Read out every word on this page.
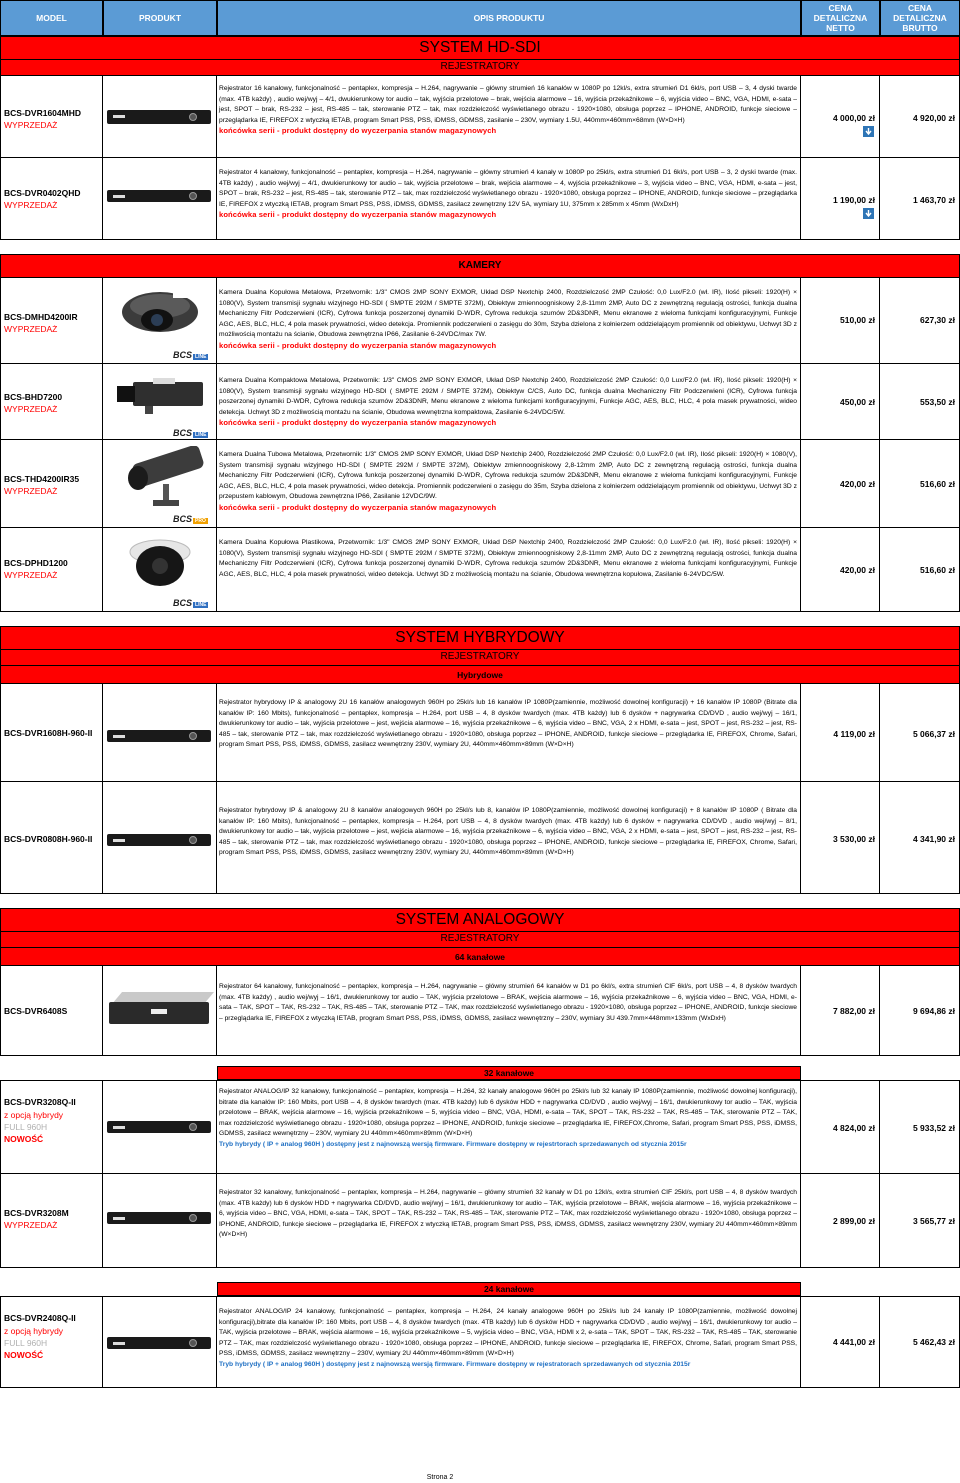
MODEL	PRODUKT	OPIS PRODUKTU
CENA DETALICZNA NETTO
CENA DETALICZNA BRUTTO
SYSTEM HD-SDI
REJESTRATORY
BCS-DVR1604MHD
WYPRZEDAŻ
Rejestrator 16 kanałowy, funkcjonalność – pentaplex, kompresja – H.264, nagrywanie – główny strumień 16 kanałów w 1080P po 12kl/s, extra strumień D1 6kl/s, port USB – 3, 4 dyski twarde (max. 4TB każdy) , audio wej/wyj – 4/1, dwukierunkowy tor audio – tak, wyjścia przelotowe – brak, wejścia alarmowe – 16, wyjścia przekaźnikowe – 6, wyjścia video – BNC, VGA, HDMI, e-sata – jest, SPOT – brak, RS-232 – jest, RS-485 – tak, sterowanie PTZ – tak, max rozdzielczość wyświetlanego obrazu - 1920×1080, obsługa poprzez – IPHONE, ANDROID, funkcje sieciowe – przeglądarka IE, FIREFOX z wtyczką IETAB, program Smart PSS, PSS, iDMSS, GDMSS, zasilanie – 230V, wymiary 1.5U, 440mm×460mm×68mm (W×D×H)
końcówka serii - produkt dostępny do wyczerpania stanów magazynowych
4 000,00 zł	4 920,00 zł
BCS-DVR0402QHD
WYPRZEDAŻ
Rejestrator 4 kanałowy, funkcjonalność – pentaplex, kompresja – H.264, nagrywanie – główny strumień 4 kanały w 1080P po 25kl/s, extra strumień D1 6kl/s, port USB – 3, 2 dyski twarde (max. 4TB każdy) , audio wej/wyj – 4/1, dwukierunkowy tor audio – tak, wyjścia przelotowe – brak, wejścia alarmowe – 4, wyjścia przekaźnikowe – 3, wyjścia video – BNC, VGA, HDMI, e-sata – jest, SPOT – brak, RS-232 – jest, RS-485 – tak, sterowanie PTZ – tak, max rozdzielczość wyświetlanego obrazu - 1920×1080, obsługa poprzez – IPHONE, ANDROID, funkcje sieciowe – przeglądarka IE, FIREFOX z wtyczką IETAB, program Smart PSS, PSS, iDMSS, GDMSS, zasilacz zewnętrzny 12V 5A, wymiary 1U, 375mm x 285mm x 45mm (WxDxH)
końcówka serii - produkt dostępny do wyczerpania stanów magazynowych
1 190,00 zł	1 463,70 zł
KAMERY
BCS-DMHD4200IR
WYPRZEDAŻ
BCS LINE
Kamera Dualna Kopułowa Metalowa, Przetwornik: 1/3" CMOS 2MP SONY EXMOR, Układ DSP Nextchip 2400, Rozdzielczość 2MP Czułość: 0,0 Lux/F2.0 (wł. IR), Ilość pikseli: 1920(H) × 1080(V), System transmisji sygnału wizyjnego HD-SDI ( SMPTE 292M / SMPTE 372M), Obiektyw zmiennoogniskowy 2,8-11mm 2MP, Auto DC z zewnętrzną regulacją ostrości, funkcja dualna Mechaniczny Filtr Podczerwieni (ICR), Cyfrowa funkcja poszerzonej dynamiki D-WDR, Cyfrowa redukcja szumów 2D&3DNR, Menu ekranowe z wieloma funkcjami konfiguracyjnymi, Funkcje AGC, AES, BLC, HLC, 4 pola masek prywatności, wideo detekcja. Promiennik podczerwieni o zasięgu do 30m, Szyba dzielona z kołnierzem oddzielającym promiennik od obiektywu, Uchwyt 3D z możliwością montażu na ścianie, Obudowa zewnętrzna IP66, Zasilanie 6-24VDC/max 7W.
końcówka serii - produkt dostępny do wyczerpania stanów magazynowych
510,00 zł	627,30 zł
BCS-BHD7200
WYPRZEDAŻ
BCS LINE
Kamera Dualna Kompaktowa Metalowa, Przetwornik: 1/3" CMOS 2MP SONY EXMOR, Układ DSP Nextchip 2400, Rozdzielczość 2MP Czułość: 0,0 Lux/F2.0 (wł. IR), Ilość pikseli: 1920(H) × 1080(V), System transmisji sygnału wizyjnego HD-SDI ( SMPTE 292M / SMPTE 372M), Obiektyw C/CS, Auto DC, funkcja dualna Mechaniczny Filtr Podczerwieni (ICR), Cyfrowa funkcja poszerzonej dynamiki D-WDR, Cyfrowa redukcja szumów 2D&3DNR, Menu ekranowe z wieloma funkcjami konfiguracyjnymi, Funkcje AGC, AES, BLC, HLC, 4 pola masek prywatności, wideo detekcja. Uchwyt 3D z możliwością montażu na ścianie, Obudowa wewnętrzna kompaktowa, Zasilanie 6-24VDC/5W.
końcówka serii - produkt dostępny do wyczerpania stanów magazynowych
450,00 zł	553,50 zł
BCS-THD4200IR35
WYPRZEDAŻ
BCS PRO
Kamera Dualna Tubowa Metalowa, Przetwornik: 1/3" CMOS 2MP SONY EXMOR, Układ DSP Nextchip 2400, Rozdzielczość 2MP Czułość: 0,0 Lux/F2.0 (wł. IR), Ilość pikseli: 1920(H) × 1080(V), System transmisji sygnału wizyjnego HD-SDI ( SMPTE 292M / SMPTE 372M), Obiektyw zmiennoogniskowy 2,8-12mm 2MP, Auto DC z zewnętrzną regulacją ostrości, funkcja dualna Mechaniczny Filtr Podczerwieni (ICR), Cyfrowa funkcja poszerzonej dynamiki D-WDR, Cyfrowa redukcja szumów 2D&3DNR, Menu ekranowe z wieloma funkcjami konfiguracyjnymi, Funkcje AGC, AES, BLC, HLC, 4 pola masek prywatności, wideo detekcja. Promiennik podczerwieni o zasięgu do 35m, Szyba dzielona z kołnierzem oddzielającym promiennik od obiektywu, Uchwyt 3D z przepustem kablowym, Obudowa zewnętrzna IP66, Zasilanie 12VDC/9W.
końcówka serii - produkt dostępny do wyczerpania stanów magazynowych
420,00 zł	516,60 zł
BCS-DPHD1200
WYPRZEDAŻ
BCS LINE
Kamera Dualna Kopułowa Plastikowa, Przetwornik: 1/3" CMOS 2MP SONY EXMOR, Układ DSP Nextchip 2400, Rozdzielczość 2MP Czułość: 0,0 Lux/F2.0 (wł. IR), Ilość pikseli: 1920(H) × 1080(V), System transmisji sygnału wizyjnego HD-SDI ( SMPTE 292M / SMPTE 372M), Obiektyw zmiennoogniskowy 2,8-11mm 2MP, Auto DC z zewnętrzną regulacją ostrości, funkcja dualna Mechaniczny Filtr Podczerwieni (ICR), Cyfrowa funkcja poszerzonej dynamiki D-WDR, Cyfrowa redukcja szumów 2D&3DNR, Menu ekranowe z wieloma funkcjami konfiguracyjnymi, Funkcje AGC, AES, BLC, HLC, 4 pola masek prywatności, wideo detekcja. Uchwyt 3D z możliwością montażu na ścianie, Obudowa wewnętrzna kopułowa, Zasilanie 6-24VDC/5W.	420,00 zł	516,60 zł
SYSTEM HYBRYDOWY
REJESTRATORY
Hybrydowe
BCS-DVR1608H-960-II
Rejestrator hybrydowy IP & analogowy 2U 16 kanałów analogowych 960H po 25kl/s lub 16 kanałów IP 1080P(zamiennie, możliwość dowolnej konfiguracji) + 16 kanałów IP 1080P (Bitrate dla kanałów IP: 160 Mbits), funkcjonalność – pentaplex, kompresja – H.264, port USB – 4, 8 dysków twardych (max. 4TB każdy) lub 6 dysków + nagrywarka CD/DVD , audio wej/wyj – 16/1, dwukierunkowy tor audio – tak, wyjścia przelotowe – jest, wejścia alarmowe – 16, wyjścia przekaźnikowe – 6, wyjścia video – BNC, VGA, 2 x HDMI, e-sata – jest, SPOT – jest, RS-232 – jest, RS-485 – tak, sterowanie PTZ – tak, max rozdzielczość wyświetlanego obrazu - 1920×1080, obsługa poprzez – IPHONE, ANDROID, funkcje sieciowe – przeglądarka IE, FIREFOX, Chrome, Safari, program Smart PSS, PSS, iDMSS, GDMSS, zasilacz wewnętrzny 230V, wymiary 2U, 440mm×460mm×89mm (W×D×H)
4 119,00 zł	5 066,37 zł
BCS-DVR0808H-960-II
Rejestrator hybrydowy IP & analogowy 2U 8 kanałów analogowych 960H po 25kl/s lub 8, kanałów IP 1080P(zamiennie, możliwość dowolnej konfiguracji) + 8 kanałów IP 1080P ( Bitrate dla kanałów IP: 160 Mbits), funkcjonalność – pentaplex, kompresja – H.264, port USB – 4, 8 dysków twardych (max. 4TB każdy) lub 6 dysków + nagrywarka CD/DVD , audio wej/wyj – 8/1, dwukierunkowy tor audio – tak, wyjścia przelotowe – jest, wejścia alarmowe – 16, wyjścia przekaźnikowe – 6, wyjścia video – BNC, VGA, 2 x HDMI, e-sata – jest, SPOT – jest, RS-232 – jest, RS-485 – tak, sterowanie PTZ – tak, max rozdzielczość wyświetlanego obrazu - 1920×1080, obsługa poprzez – IPHONE, ANDROID, funkcje sieciowe – przeglądarka IE, FIREFOX, Chrome, Safari, program Smart PSS, PSS, iDMSS, GDMSS, zasilacz wewnętrzny 230V, wymiary 2U, 440mm×460mm×89mm (W×D×H)
3 530,00 zł	4 341,90 zł
SYSTEM ANALOGOWY
REJESTRATORY
64 kanałowe
BCS-DVR6408S
Rejestrator 64 kanałowy, funkcjonalność – pentaplex, kompresja – H.264, nagrywanie – główny strumień 64 kanałów w D1 po 6kl/s, extra strumień CIF 6kl/s, port USB – 4, 8 dysków twardych (max. 4TB każdy) , audio wej/wyj – 16/1, dwukierunkowy tor audio – TAK, wyjścia przelotowe – BRAK, wejścia alarmowe – 16, wyjścia przekaźnikowe – 6, wyjścia video – BNC, VGA, HDMI, e-sata – TAK, SPOT – TAK, RS-232 – TAK, RS-485 – TAK, sterowanie PTZ – TAK, max rozdzielczość wyświetlanego obrazu - 1920×1080, obsługa poprzez – IPHONE, ANDROID, funkcje sieciowe – przeglądarka IE, FIREFOX z wtyczką IETAB, program Smart PSS, PSS, iDMSS, GDMSS, zasilacz wewnętrzny – 230V, wymiary 3U 439.7mm×448mm×133mm (WxDxH)
7 882,00 zł	9 694,86 zł
32 kanałowe
BCS-DVR3208Q-II
z opcją hybrydy
FULL 960H
NOWOŚĆ
Rejestrator ANALOG/IP 32 kanałowy, funkcjonalność – pentaplex, kompresja – H.264, 32 kanały analogowe 960H po 25kl/s lub 32 kanały IP 1080P(zamiennie, możliwość dowolnej konfiguracji), bitrate dla kanałów IP: 160 Mbits, port USB – 4, 8 dysków twardych (max. 4TB każdy) lub 6 dysków HDD + nagrywarka CD/DVD , audio wej/wyj – 16/1, dwukierunkowy tor audio – TAK, wyjścia przelotowe – BRAK, wejścia alarmowe – 16, wyjścia przekaźnikowe – 5, wyjścia video – BNC, VGA, HDMI, e-sata – TAK, SPOT – TAK, RS-232 – TAK, RS-485 – TAK, sterowanie PTZ – TAK, max rozdzielczość wyświetlanego obrazu - 1920×1080, obsługa poprzez – IPHONE, ANDROID, funkcje sieciowe – przeglądarka IE, FIREFOX,Chrome, Safari, program Smart PSS, PSS, iDMSS, GDMSS, zasilacz wewnętrzny – 230V, wymiary 2U 440mm×460mm×89mm (W×D×H)
Tryb hybrydy ( IP + analog 960H ) dostępny jest z najnowszą wersją firmware. Firmware dostępny w rejestrtorach sprzedawanych od stycznia 2015r
4 824,00 zł	5 933,52 zł
BCS-DVR3208M
WYPRZEDAŻ
Rejestrator 32 kanałowy, funkcjonalność – pentaplex, kompresja – H.264, nagrywanie – główny strumień 32 kanały w D1 po 12kl/s, extra strumień CIF 25kl/s, port USB – 4, 8 dysków twardych (max. 4TB każdy) lub 6 dysków HDD + nagrywarka CD/DVD, audio wej/wyj – 16/1, dwukierunkowy tor audio – TAK, wyjścia przelotowe – BRAK, wejścia alarmowe – 16, wyjścia przekaźnikowe – 6, wyjścia video – BNC, VGA, HDMI, e-sata – TAK, SPOT – TAK, RS-232 – TAK, RS-485 – TAK, sterowanie PTZ – TAK, max rozdzielczość wyświetlanego obrazu - 1920×1080, obsługa poprzez – IPHONE, ANDROID, funkcje sieciowe – przeglądarka IE, FIREFOX z wtyczką IETAB, program Smart PSS, PSS, iDMSS, GDMSS, zasilacz wewnętrzny 230V, wymiary 2U 440mm×460mm×89mm (W×D×H)
2 899,00 zł	3 565,77 zł
24 kanałowe
BCS-DVR2408Q-II
z opcją hybrydy
FULL 960H
NOWOŚĆ
Rejestrator ANALOG/IP 24 kanałowy, funkcjonalność – pentaplex, kompresja – H.264, 24 kanały analogowe 960H po 25kl/s lub 24 kanały IP 1080P(zamiennie, możliwość dowolnej konfiguracji),bitrate dla kanałów IP: 160 Mbits, port USB – 4, 8 dysków twardych (max. 4TB każdy) lub 6 dysków HDD + nagrywarka CD/DVD , audio wej/wyj – 16/1, dwukierunkowy tor audio – TAK, wyjścia przelotowe – BRAK, wejścia alarmowe – 16, wyjścia przekaźnikowe – 5, wyjścia video – BNC, VGA, HDMI x 2, e-sata – TAK, SPOT – TAK, RS-232 – TAK, RS-485 – TAK, sterowanie PTZ – TAK, max rozdzielczość wyświetlanego obrazu - 1920×1080, obsługa poprzez – IPHONE, ANDROID, funkcje sieciowe – przeglądarka IE, FIREFOX, Chrome, Safari, program Smart PSS, PSS, iDMSS, GDMSS, zasilacz wewnętrzny – 230V, wymiary 2U 440mm×460mm×89mm (W×D×H)
Tryb hybrydy ( IP + analog 960H ) dostępny jest z najnowszą wersją firmware. Firmware dostępny w rejestratorach sprzedawanych od stycznia 2015r
4 441,00 zł	5 462,43 zł
Strona 2
